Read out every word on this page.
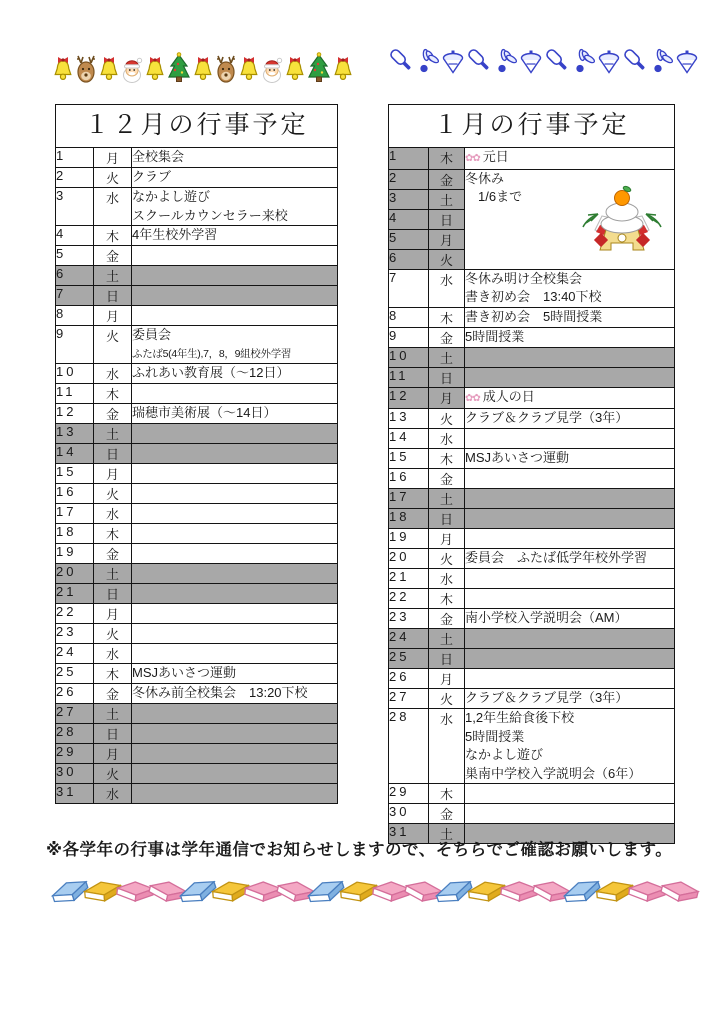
１２月の行事予定		
1	月	全校集会

2	火	クラブ

3	水	なかよし遊び
スクールカウンセラー来校

4	木	4年生校外学習

5	金	
6	土	
7	日	
8	月	
9	火	委員会
ふたば5(4年生),7，8，9組校外学習

10	水	ふれあい教育展（～12日）

11	木	
12	金	瑞穂市美術展（～14日）

13	土	
14	日	
15	月	
16	火	
17	水	
18	木	
19	金	
20	土	
21	日	
22	月	
23	火	
24	水	
25	木	MSJあいさつ運動

26	金	冬休み前全校集会　13:20下校

27	土	
28	日	
29	月	
30	火	
31	水	
１月の行事予定		
1	木	✿✿ 元日

2	金	冬休み
　1/6まで

3	土	
4	日	
5	月	
6	火	
7	水	冬休み明け全校集会
書き初め会　13:40下校

8	木	書き初め会　5時間授業

9	金	5時間授業

10	土	
11	日	
12	月	✿✿ 成人の日

13	火	クラブ＆クラブ見学（3年）

14	水	
15	木	MSJあいさつ運動

16	金	
17	土	
18	日	
19	月	
20	火	委員会　ふたば低学年校外学習

21	水	
22	木	
23	金	南小学校入学説明会（AM）

24	土	
25	日	
26	月	
27	火	クラブ＆クラブ見学（3年）

28	水	1,2年生給食後下校
5時間授業
なかよし遊び
巣南中学校入学説明会（6年）

29	木	
30	金	
31	土	
※各学年の行事は学年通信でお知らせしますので、そちらでご確認お願いします。
